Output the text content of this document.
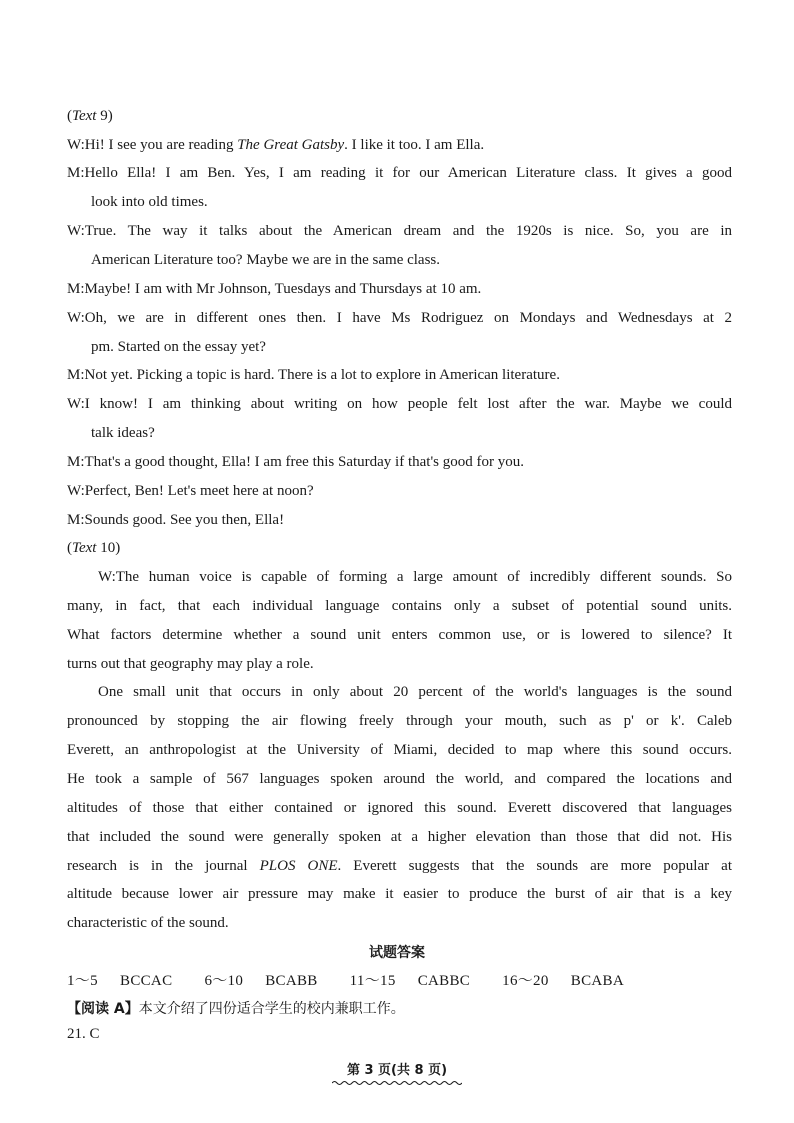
(Text 9)
W:Hi! I see you are reading The Great Gatsby. I like it too. I am Ella.
M:Hello Ella! I am Ben. Yes, I am reading it for our American Literature class. It gives a good
look into old times.
W:True. The way it talks about the American dream and the 1920s is nice. So, you are in
American Literature too? Maybe we are in the same class.
M:Maybe! I am with Mr Johnson, Tuesdays and Thursdays at 10 am.
W:Oh, we are in different ones then. I have Ms Rodriguez on Mondays and Wednesdays at 2
pm. Started on the essay yet?
M:Not yet. Picking a topic is hard. There is a lot to explore in American literature.
W:I know! I am thinking about writing on how people felt lost after the war. Maybe we could
talk ideas?
M:That's a good thought, Ella! I am free this Saturday if that's good for you.
W:Perfect, Ben! Let's meet here at noon?
M:Sounds good. See you then, Ella!
(Text 10)
W:The human voice is capable of forming a large amount of incredibly different sounds. So
many, in fact, that each individual language contains only a subset of potential sound units.
What factors determine whether a sound unit enters common use, or is lowered to silence? It
turns out that geography may play a role.
One small unit that occurs in only about 20 percent of the world's languages is the sound
pronounced by stopping the air flowing freely through your mouth, such as p' or k'. Caleb
Everett, an anthropologist at the University of Miami, decided to map where this sound occurs.
He took a sample of 567 languages spoken around the world, and compared the locations and
altitudes of those that either contained or ignored this sound. Everett discovered that languages
that included the sound were generally spoken at a higher elevation than those that did not. His
research is in the journal PLOS ONE. Everett suggests that the sounds are more popular at
altitude because lower air pressure may make it easier to produce the burst of air that is a key
characteristic of the sound.
试题答案
1～5 BCCAC 6～10 BCABB 11～15 CABBC 16～20 BCABA
【阅读 A】本文介绍了四份适合学生的校内兼职工作。
21. C
第 3 页(共 8 页)
